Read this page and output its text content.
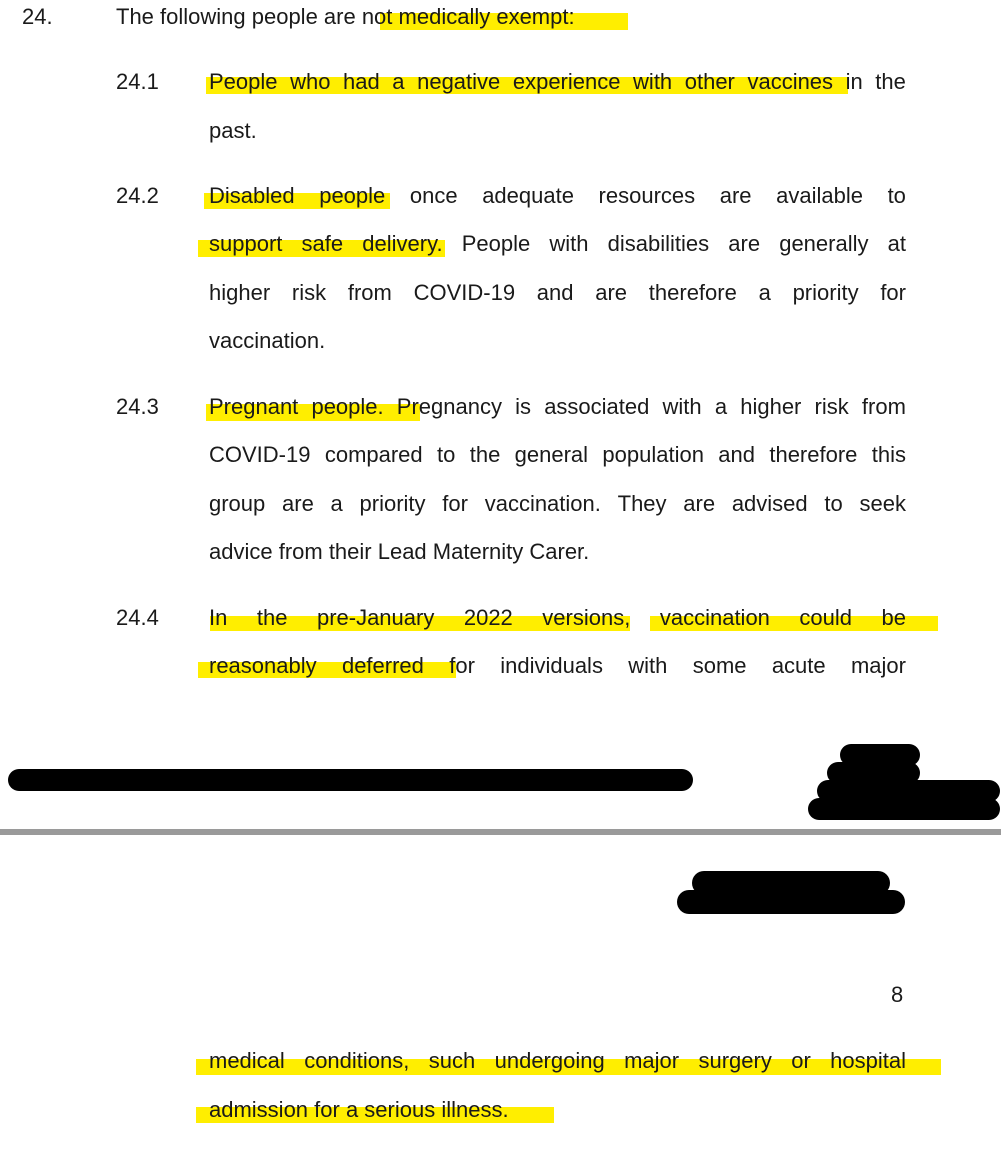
24.	The following people are not medically exempt:
24.1
24.2
24.3
24.4
People who had a negative experience with other vaccines in the
past.
Disabled people once adequate resources are available to
support safe delivery. People with disabilities are generally at
higher risk from COVID-19 and are therefore a priority for
vaccination.
Pregnant people. Pregnancy is associated with a higher risk from
COVID-19 compared to the general population and therefore this
group are a priority for vaccination. They are advised to seek
advice from their Lead Maternity Carer.
In the pre-January 2022 versions, vaccination could be
reasonably deferred for individuals with some acute major
8
medical conditions, such undergoing major surgery or hospital
admission for a serious illness.
